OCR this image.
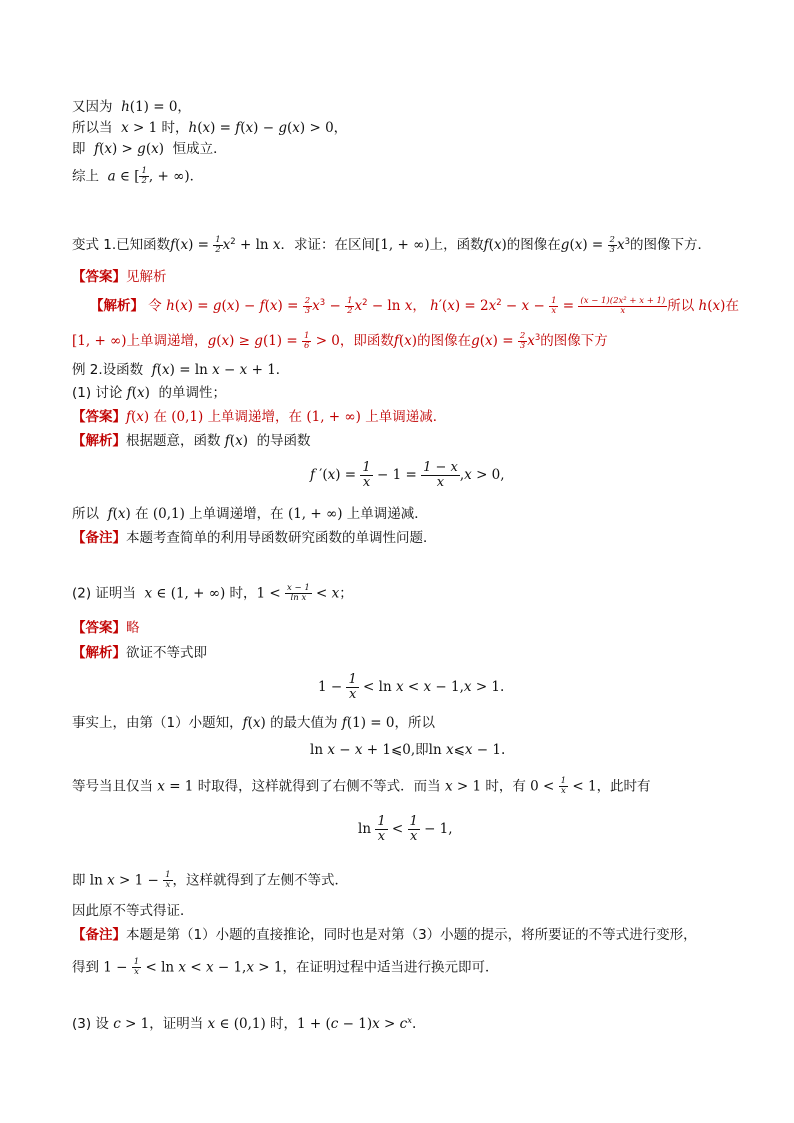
又因为  h(1) = 0，
所以当  x > 1 时，h(x) = f(x) − g(x) > 0，
即  f(x) > g(x)  恒成立．
综上  a ∈ [ $\frac{1}{2}$ , + ∞)．
变式 1.已知函数$f(x) = \frac{1}{2} x^2 + \ln x$．求证：在区间[1, + ∞)上，函数f(x)的图像在$g(x) = \frac{2}{3} x^3$的图像下方．
【答案】见解析
【解析】 令 $h(x) = g(x) - f(x) = \frac{2}{3} x^3 - \frac{1}{2} x^2 - \ln x$， $h'(x) = 2x^2 - x - \frac{1}{x} = \frac{\text{(x − 1)(2x² + x + 1)}}{x}$ 所以 h(x)在
[1, + ∞)上单调递增，$g(x) \ge g(1) = \frac{1}{6} > 0$，即函数f(x)的图像在$g(x) = \frac{2}{3} x^3$的图像下方
例 2.设函数  f(x) = ln x − x + 1．
(1) 讨论 f(x)  的单调性；
【答案】f(x) 在 (0,1) 上单调递增，在 (1, + ∞) 上单调递减．
【解析】根据题意，函数 f(x)  的导函数
f $'(x) = \frac{1}{x} - 1 = \frac{1 - x}{x} ,x > 0$,
所以  f(x) 在 (0,1) 上单调递增，在 (1, + ∞) 上单调递减．
【备注】本题考查简单的利用导函数研究函数的单调性问题．
(2) 证明当  x ∈ (1, + ∞) 时，$1 < \frac{x - 1}{\text{ln x}} < x$；
【答案】略
【解析】欲证不等式即
$1 - \frac{1}{x} < \ln x < x - 1,x > 1$.
事实上，由第（1）小题知，f(x) 的最大值为 f(1) = 0，所以
ln x − x + 1⩽0,即ln x⩽x − 1.
等号当且仅当 x = 1 时取得，这样就得到了右侧不等式．而当 x > 1 时，有 $0 < \frac{1}{x} < 1$，此时有
$\ln \frac{1}{x} < \frac{1}{x} - 1$,
即 $\ln x > 1 - \frac{1}{x}$ ，这样就得到了左侧不等式．
因此原不等式得证．
【备注】本题是第（1）小题的直接推论，同时也是对第（3）小题的提示，将所要证的不等式进行变形，
得到 $1 - \frac{1}{x} < \ln x < x - 1,x > 1$，在证明过程中适当进行换元即可．
(3) 设 c > 1，证明当 x ∈ (0,1) 时，$1 + (c - 1)x > c^x$.
